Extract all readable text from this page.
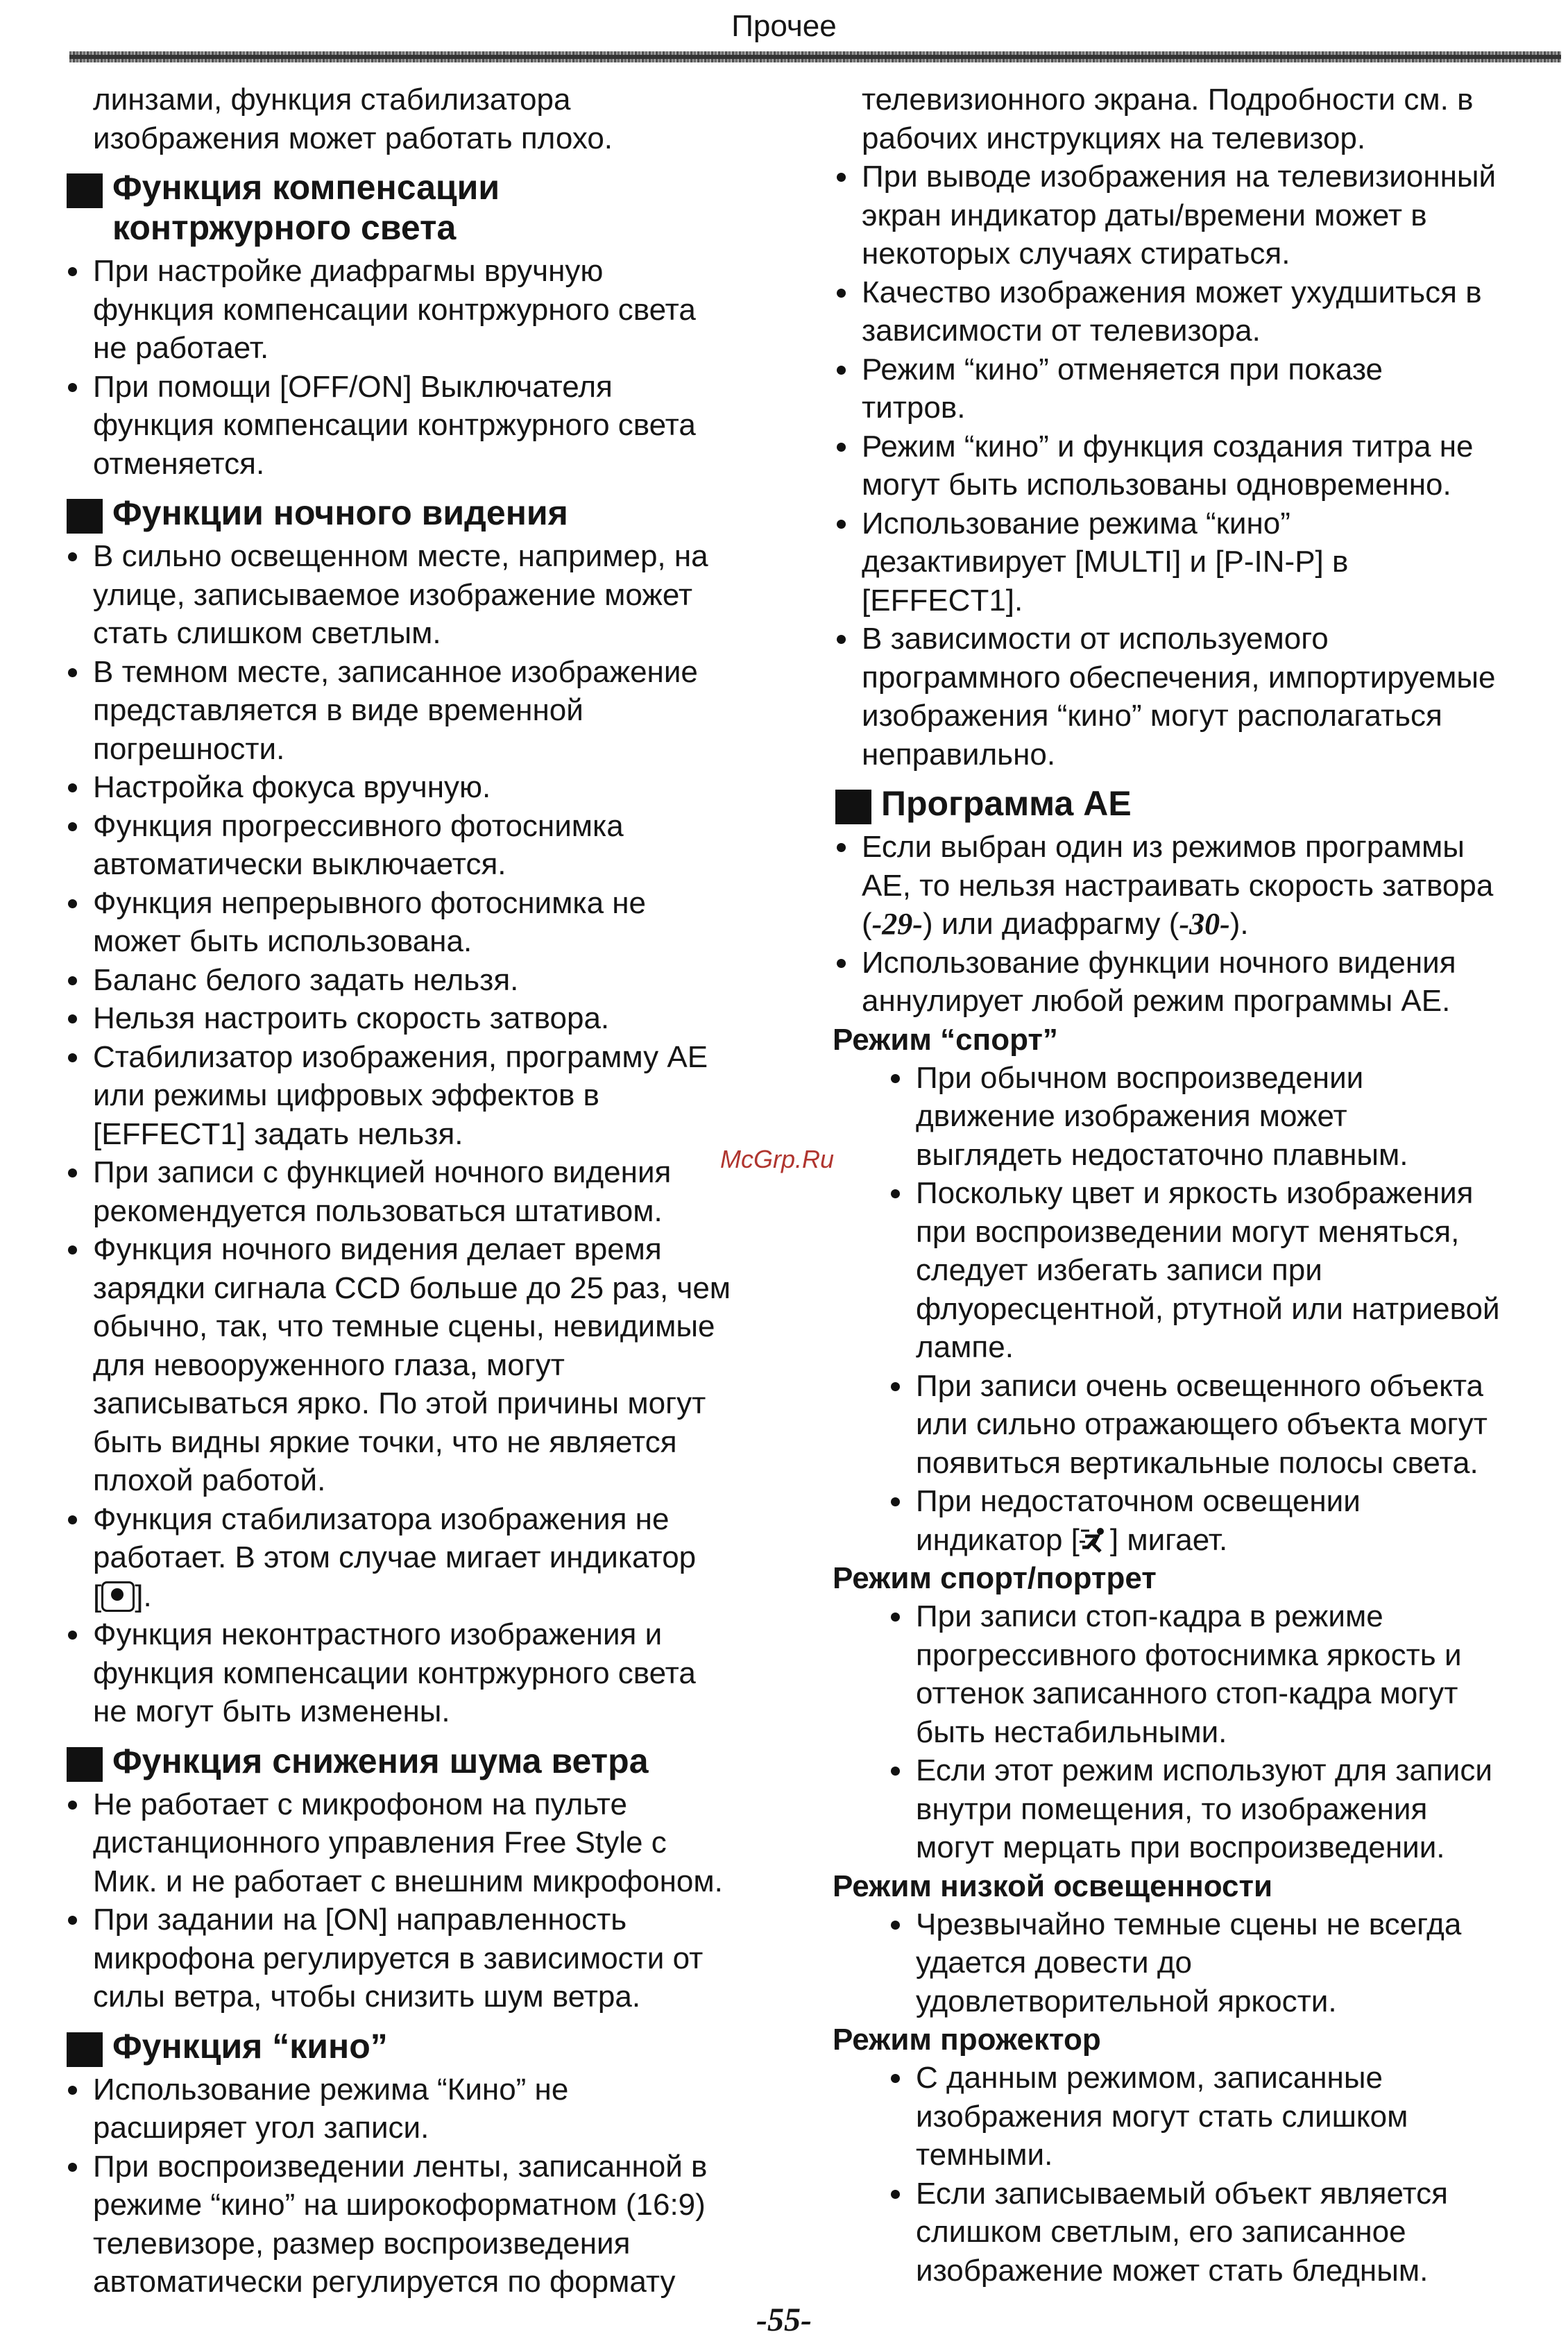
Прочее
линзами, функция стабилизатора
изображения может работать плохо.
Функция компенсации
контржурного света
При настройке диафрагмы вручную
функция компенсации контржурного света
не работает.
При помощи [OFF/ON] Выключателя
функция компенсации контржурного света
отменяется.
Функции ночного видения
В сильно освещенном месте, например, на
улице, записываемое изображение может
стать слишком светлым.
В темном месте, записанное изображение
представляется в виде временной
погрешности.
Настройка фокуса вручную.
Функция прогрессивного фотоснимка
автоматически выключается.
Функция непрерывного фотоснимка не
может быть использована.
Баланс белого задать нельзя.
Нельзя настроить скорость затвора.
Стабилизатор изображения, программу АЕ
или режимы цифровых эффектов в
[EFFECT1] задать нельзя.
При записи с функцией ночного видения
рекомендуется пользоваться штативом.
Функция ночного видения делает время
зарядки сигнала CCD больше до 25 раз, чем
обычно, так, что темные сцены, невидимые
для невооруженного глаза, могут
записываться ярко. По этой причины могут
быть видны яркие точки, что не является
плохой работой.
Функция стабилизатора изображения не
работает. В этом случае мигает индикатор
[ ].
Функция неконтрастного изображения и
функция компенсации контржурного света
не могут быть изменены.
Функция снижения шума ветра
Не работает с микрофоном на пульте
дистанционного управления Free Style с
Мик. и не работает с внешним микрофоном.
При задании на [ON] направленность
микрофона регулируется в зависимости от
силы ветра, чтобы снизить шум ветра.
Функция “кино”
Использование режима “Кино” не
расширяет угол записи.
При воспроизведении ленты, записанной в
режиме “кино” на широкоформатном (16:9)
телевизоре, размер воспроизведения
автоматически регулируется по формату
телевизионного экрана. Подробности см. в
рабочих инструкциях на телевизор.
При выводе изображения на телевизионный
экран индикатор даты/времени может в
некоторых случаях стираться.
Качество изображения может ухудшиться в
зависимости от телевизора.
Режим “кино” отменяется при показе
титров.
Режим “кино” и функция создания титра не
могут быть использованы одновременно.
Использование режима “кино”
дезактивирует [MULTI] и [P-IN-P] в
[EFFECT1].
В зависимости от используемого
программного обеспечения, импортируемые
изображения “кино” могут располагаться
неправильно.
Программа АЕ
Если выбран один из режимов программы
АЕ, то нельзя настраивать скорость затвора
(-29-) или диафрагму (-30-).
Использование функции ночного видения
аннулирует любой режим программы АЕ.
Режим “спорт”
При обычном воспроизведении
движение изображения может
выглядеть недостаточно плавным.
Поскольку цвет и яркость изображения
при воспроизведении могут меняться,
следует избегать записи при
флуоресцентной, ртутной или натриевой
лампе.
При записи очень освещенного объекта
или сильно отражающего объекта могут
появиться вертикальные полосы света.
При недостаточном освещении
индикатор [ ] мигает.
Режим спорт/портрет
При записи стоп-кадра в режиме
прогрессивного фотоснимка яркость и
оттенок записанного стоп-кадра могут
быть нестабильными.
Если этот режим используют для записи
внутри помещения, то изображения
могут мерцать при воспроизведении.
Режим низкой освещенности
Чрезвычайно темные сцены не всегда
удается довести до
удовлетворительной яркости.
Режим прожектор
С данным режимом, записанные
изображения могут стать слишком
темными.
Если записываемый объект является
слишком светлым, его записанное
изображение может стать бледным.
McGrp.Ru
-55-
